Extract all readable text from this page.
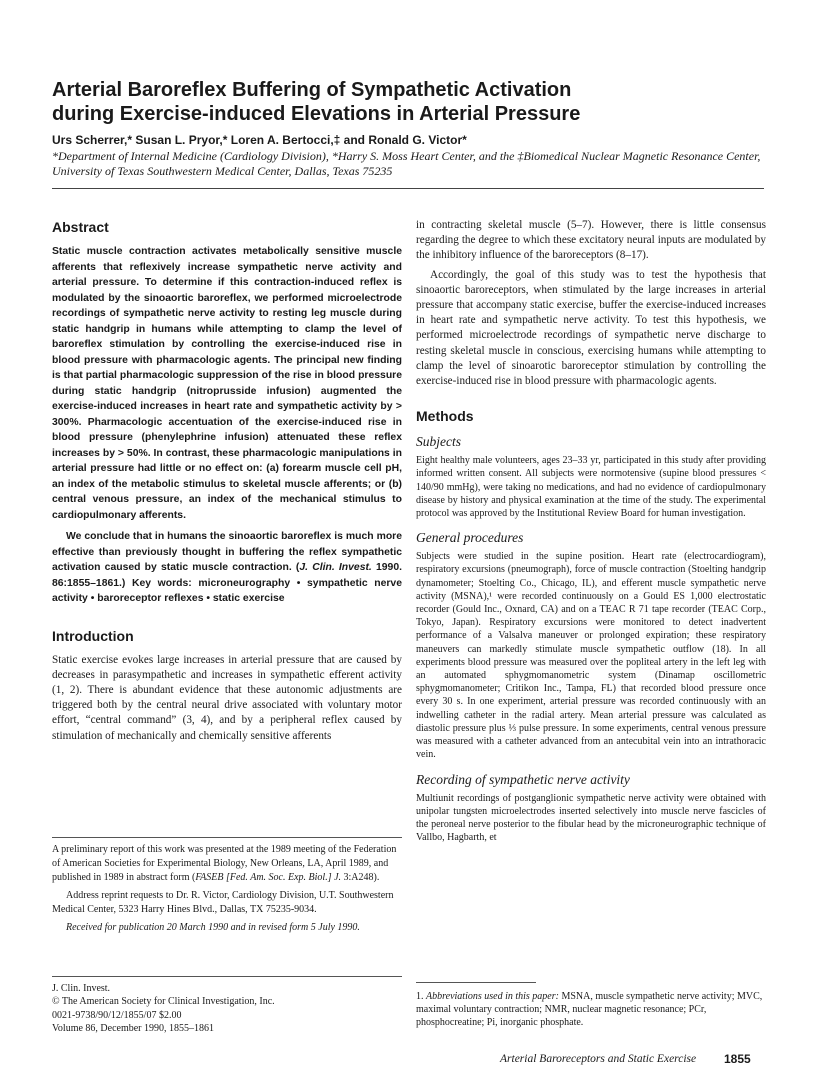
Arterial Baroreflex Buffering of Sympathetic Activation
during Exercise-induced Elevations in Arterial Pressure
Urs Scherrer,* Susan L. Pryor,* Loren A. Bertocci,‡ and Ronald G. Victor*
*Department of Internal Medicine (Cardiology Division), *Harry S. Moss Heart Center, and the ‡Biomedical Nuclear Magnetic Resonance Center, University of Texas Southwestern Medical Center, Dallas, Texas 75235
Abstract

Static muscle contraction activates metabolically sensitive muscle afferents that reflexively increase sympathetic nerve activity and arterial pressure. To determine if this contraction-induced reflex is modulated by the sinoaortic baroreflex, we performed microelectrode recordings of sympathetic nerve activity to resting leg muscle during static handgrip in humans while attempting to clamp the level of baroreflex stimulation by controlling the exercise-induced rise in blood pressure with pharmacologic agents. The principal new finding is that partial pharmacologic suppression of the rise in blood pressure during static handgrip (nitroprusside infusion) augmented the exercise-induced increases in heart rate and sympathetic activity by > 300%. Pharmacologic accentuation of the exercise-induced rise in blood pressure (phenylephrine infusion) attenuated these reflex increases by > 50%. In contrast, these pharmacologic manipulations in arterial pressure had little or no effect on: (a) forearm muscle cell pH, an index of the metabolic stimulus to skeletal muscle afferents; or (b) central venous pressure, an index of the mechanical stimulus to cardiopulmonary afferents.

We conclude that in humans the sinoaortic baroreflex is much more effective than previously thought in buffering the reflex sympathetic activation caused by static muscle contraction. (J. Clin. Invest. 1990. 86:1855–1861.) Key words: microneurography • sympathetic nerve activity • baroreceptor reflexes • static exercise

Introduction

Static exercise evokes large increases in arterial pressure that are caused by decreases in parasympathetic and increases in sympathetic efferent activity (1, 2). There is abundant evidence that these autonomic adjustments are triggered both by the central neural drive associated with voluntary motor effort, “central command” (3, 4), and by a peripheral reflex caused by stimulation of mechanically and chemically sensitive afferents

A preliminary report of this work was presented at the 1989 meeting of the Federation of American Societies for Experimental Biology, New Orleans, LA, April 1989, and published in 1989 in abstract form (FASEB [Fed. Am. Soc. Exp. Biol.] J. 3:A248).

Address reprint requests to Dr. R. Victor, Cardiology Division, U.T. Southwestern Medical Center, 5323 Harry Hines Blvd., Dallas, TX 75235-9034.

Received for publication 20 March 1990 and in revised form 5 July 1990.

J. Clin. Invest.

© The American Society for Clinical Investigation, Inc.

0021-9738/90/12/1855/07 $2.00

Volume 86, December 1990, 1855–1861

in contracting skeletal muscle (5–7). However, there is little consensus regarding the degree to which these excitatory neural inputs are modulated by the inhibitory influence of the baroreceptors (8–17).

Accordingly, the goal of this study was to test the hypothesis that sinoaortic baroreceptors, when stimulated by the large increases in arterial pressure that accompany static exercise, buffer the exercise-induced increases in heart rate and sympathetic nerve activity. To test this hypothesis, we performed microelectrode recordings of sympathetic nerve discharge to resting skeletal muscle in conscious, exercising humans while attempting to clamp the level of sinoarotic baroreceptor stimulation by controlling the exercise-induced rise in blood pressure with pharmacologic agents.

Methods
Subjects

Eight healthy male volunteers, ages 23–33 yr, participated in this study after providing informed written consent. All subjects were normotensive (supine blood pressures < 140/90 mmHg), were taking no medications, and had no evidence of cardiopulmonary disease by history and physical examination at the time of the study. The experimental protocol was approved by the Institutional Review Board for human investigation.

General procedures

Subjects were studied in the supine position. Heart rate (electrocardiogram), respiratory excursions (pneumograph), force of muscle contraction (Stoelting handgrip dynamometer; Stoelting Co., Chicago, IL), and efferent muscle sympathetic nerve activity (MSNA),¹ were recorded continuously on a Gould ES 1,000 electrostatic recorder (Gould Inc., Oxnard, CA) and on a TEAC R 71 tape recorder (TEAC Corp., Tokyo, Japan). Respiratory excursions were monitored to detect inadvertent performance of a Valsalva maneuver or prolonged expiration; these respiratory maneuvers can markedly stimulate muscle sympathetic outflow (18). In all experiments blood pressure was measured over the popliteal artery in the left leg with an automated sphygmomanometric system (Dinamap oscillometric sphygmomanometer; Critikon Inc., Tampa, FL) that recorded blood pressure once every 30 s. In one experiment, arterial pressure was recorded continuously with an indwelling catheter in the radial artery. Mean arterial pressure was calculated as diastolic pressure plus ⅓ pulse pressure. In some experiments, central venous pressure was measured with a catheter advanced from an antecubital vein into an intrathoracic vein.

Recording of sympathetic nerve activity

Multiunit recordings of postganglionic sympathetic nerve activity were obtained with unipolar tungsten microelectrodes inserted selectively into muscle nerve fascicles of the peroneal nerve posterior to the fibular head by the microneurographic technique of Vallbo, Hagbarth, et

1. Abbreviations used in this paper: MSNA, muscle sympathetic nerve activity; MVC, maximal voluntary contraction; NMR, nuclear magnetic resonance; PCr, phosphocreatine; Pi, inorganic phosphate.

Arterial Baroreceptors and Static Exercise 1855
